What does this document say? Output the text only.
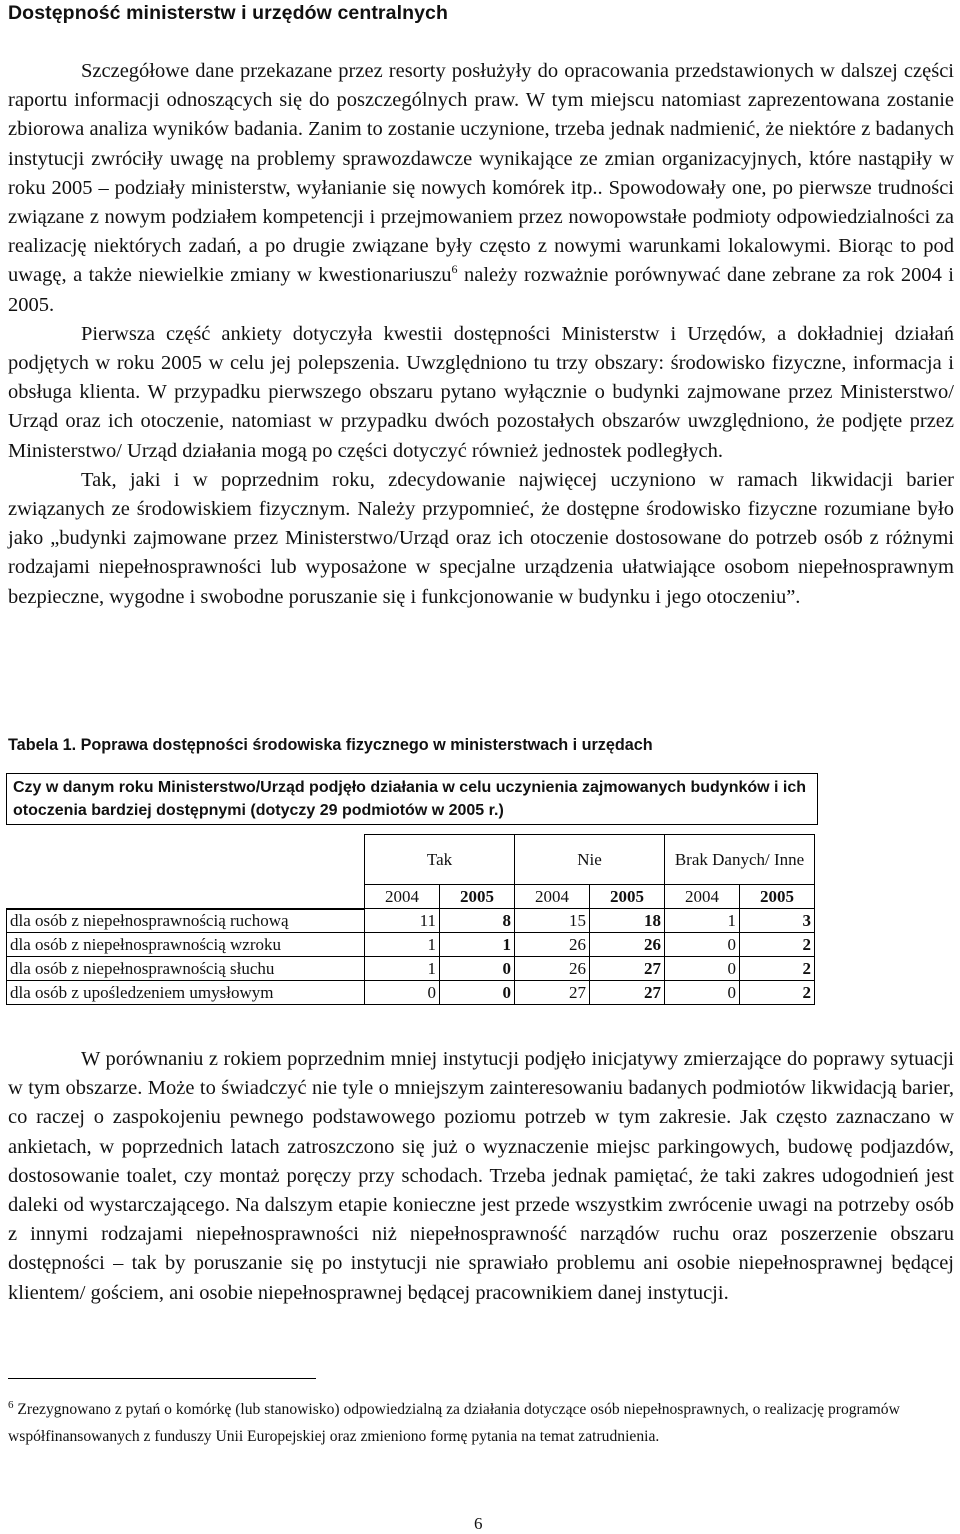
Dostępność ministerstw i urzędów centralnych

Szczegółowe dane przekazane przez resorty posłużyły do opracowania przedstawionych w dalszej części raportu informacji odnoszących się do poszczególnych praw. W tym miejscu natomiast zaprezentowana zostanie zbiorowa analiza wyników badania. Zanim to zostanie uczynione, trzeba jednak nadmienić, że niektóre z badanych instytucji zwróciły uwagę na problemy sprawozdawcze wynikające ze zmian organizacyjnych, które nastąpiły w roku 2005 – podziały ministerstw, wyłanianie się nowych komórek itp.. Spowodowały one, po pierwsze trudności związane z nowym podziałem kompetencji i przejmowaniem przez nowopowstałe podmioty odpowiedzialności za realizację niektórych zadań, a po drugie związane były często z nowymi warunkami lokalowymi. Biorąc to pod uwagę, a także niewielkie zmiany w kwestionariuszu$^6$ należy rozważnie porównywać dane zebrane za rok 2004 i 2005.

Pierwsza część ankiety dotyczyła kwestii dostępności Ministerstw i Urzędów, a dokładniej działań podjętych w roku 2005 w celu jej polepszenia. Uwzględniono tu trzy obszary: środowisko fizyczne, informacja i obsługa klienta. W przypadku pierwszego obszaru pytano wyłącznie o budynki zajmowane przez Ministerstwo/ Urząd oraz ich otoczenie, natomiast w przypadku dwóch pozostałych obszarów uwzględniono, że podjęte przez Ministerstwo/ Urząd działania mogą po części dotyczyć również jednostek podległych.

Tak, jaki i w poprzednim roku, zdecydowanie najwięcej uczyniono w ramach likwidacji barier związanych ze środowiskiem fizycznym. Należy przypomnieć, że dostępne środowisko fizyczne rozumiane było jako „budynki zajmowane przez Ministerstwo/Urząd oraz ich otoczenie dostosowane do potrzeb osób z różnymi rodzajami niepełnosprawności lub wyposażone w specjalne urządzenia ułatwiające osobom niepełnosprawnym bezpieczne, wygodne i swobodne poruszanie się i funkcjonowanie w budynku i jego otoczeniu”.

Tabela 1. Poprawa dostępności środowiska fizycznego w ministerstwach i urzędach
Czy w danym roku Ministerstwo/Urząd podjęło działania w celu uczynienia zajmowanych budynków i ich otoczenia bardziej dostępnymi (dotyczy 29 podmiotów w 2005 r.)
	Tak		Nie		Brak Danych/ Inne	
	2004	2005	2004	2005	2004	2005
dla osób z niepełnosprawnością ruchową	11	8	15	18	1	3
dla osób z niepełnosprawnością wzroku	1	1	26	26	0	2
dla osób z niepełnosprawnością słuchu	1	0	26	27	0	2
dla osób z upośledzeniem umysłowym	0	0	27	27	0	2

W porównaniu z rokiem poprzednim mniej instytucji podjęło inicjatywy zmierzające do poprawy sytuacji w tym obszarze. Może to świadczyć nie tyle o mniejszym zainteresowaniu badanych podmiotów likwidacją barier, co raczej o zaspokojeniu pewnego podstawowego poziomu potrzeb w tym zakresie. Jak często zaznaczano w ankietach, w poprzednich latach zatroszczono się już o wyznaczenie miejsc parkingowych, budowę podjazdów, dostosowanie toalet, czy montaż poręczy przy schodach. Trzeba jednak pamiętać, że taki zakres udogodnień jest daleki od wystarczającego. Na dalszym etapie konieczne jest przede wszystkim zwrócenie uwagi na potrzeby osób z innymi rodzajami niepełnosprawności niż niepełnosprawność narządów ruchu oraz poszerzenie obszaru dostępności – tak by poruszanie się po instytucji nie sprawiało problemu ani osobie niepełnosprawnej będącej klientem/ gościem, ani osobie niepełnosprawnej będącej pracownikiem danej instytucji.

$^6$ Zrezygnowano z pytań o komórkę (lub stanowisko) odpowiedzialną za działania dotyczące osób niepełnosprawnych, o realizację programów współfinansowanych z funduszy Unii Europejskiej oraz zmieniono formę pytania na temat zatrudnienia.
6
